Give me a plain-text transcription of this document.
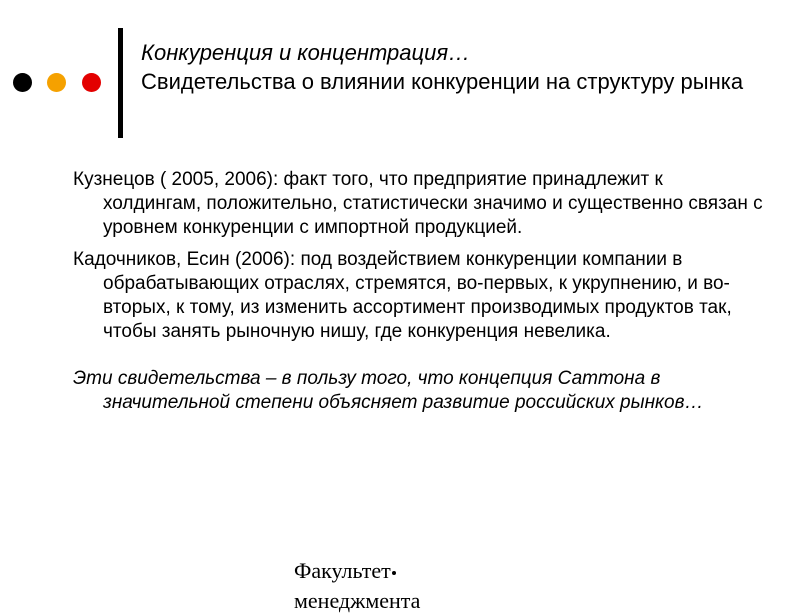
Конкуренция и концентрация…
Свидетельства о влиянии конкуренции на структуру рынка

Кузнецов ( 2005, 2006): факт того, что предприятие принадлежит к холдингам, положительно, статистически значимо и существенно связан с уровнем конкуренции с импортной продукцией.

Кадочников, Есин (2006): под воздействием конкуренции компании в обрабатывающих отраслях, стремятся, во-первых, к укрупнению, и во-вторых, к тому, из изменить ассортимент производимых продуктов так, чтобы занять рыночную нишу, где конкуренция невелика.

Эти свидетельства – в пользу того, что концепция Саттона в значительной степени объясняет развитие российских рынков…

Факультет
менеджмента
